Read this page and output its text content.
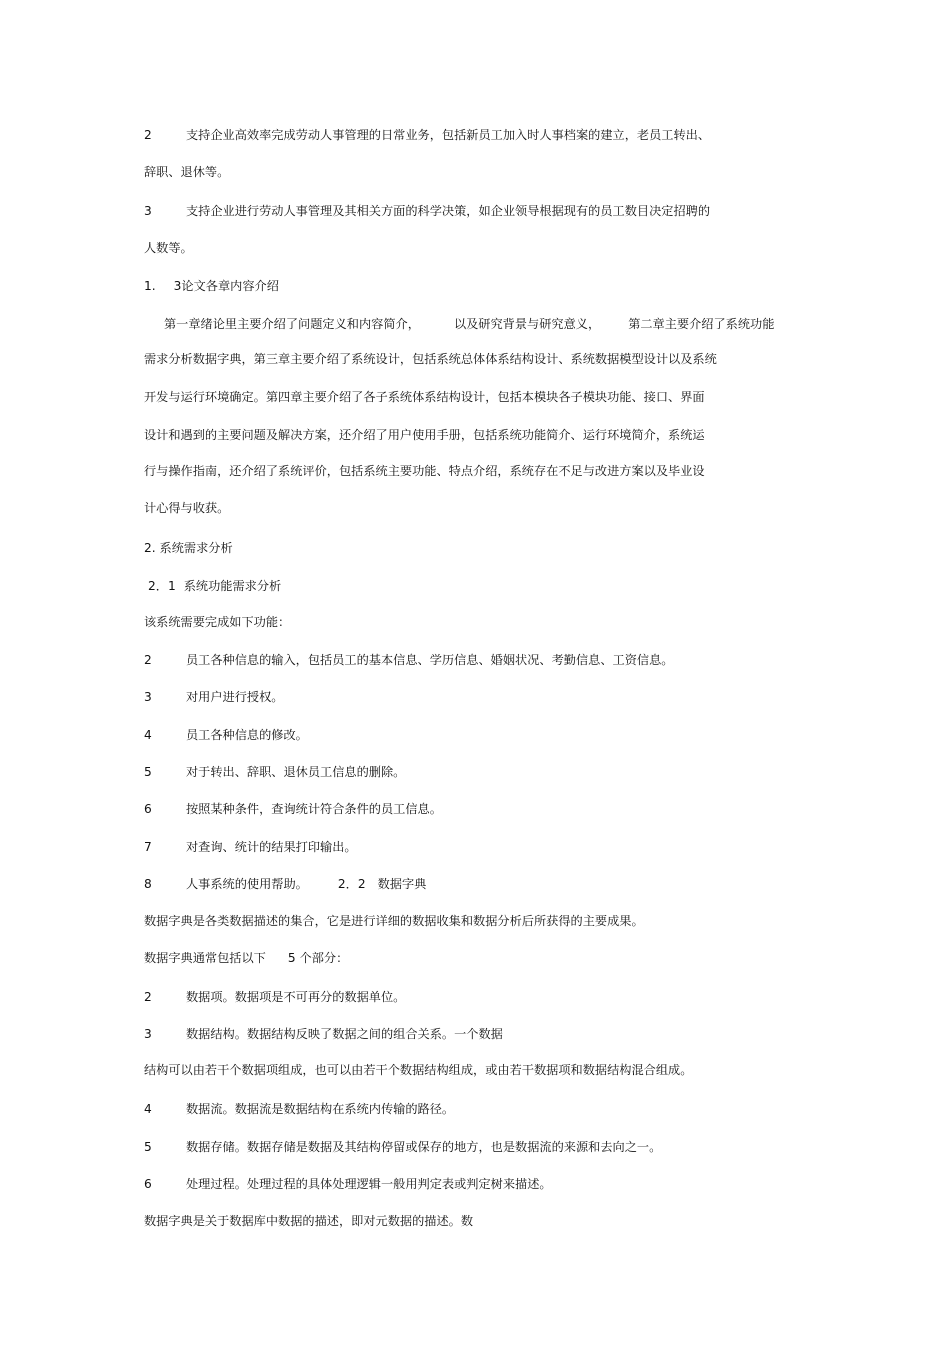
2	支持企业高效率完成劳动人事管理的日常业务，包括新员工加入时人事档案的建立，老员工转出、
辞职、退休等。
3	支持企业进行劳动人事管理及其相关方面的科学决策，如企业领导根据现有的员工数目决定招聘的
人数等。
1. 3论文各章内容介绍
第一章绪论里主要介绍了问题定义和内容简介，	以及研究背景与研究意义， 第二章主要介绍了系统功能
需求分析数据字典，第三章主要介绍了系统设计，包括系统总体体系结构设计、系统数据模型设计以及系统
开发与运行环境确定。第四章主要介绍了各子系统体系结构设计，包括本模块各子模块功能、接口、界面
设计和遇到的主要问题及解决方案，还介绍了用户使用手册，包括系统功能简介、运行环境简介，系统运
行与操作指南，还介绍了系统评价，包括系统主要功能、特点介绍，系统存在不足与改进方案以及毕业设
计心得与收获。
2. 系统需求分析
2．1 系统功能需求分析
该系统需要完成如下功能：
2	员工各种信息的输入，包括员工的基本信息、学历信息、婚姻状况、考勤信息、工资信息。
3	对用户进行授权。
4	员工各种信息的修改。
5	对于转出、辞职、退休员工信息的删除。
6	按照某种条件，查询统计符合条件的员工信息。
7	对查询、统计的结果打印输出。
8	人事系统的使用帮助。 2．2 数据字典
数据字典是各类数据描述的集合，它是进行详细的数据收集和数据分析后所获得的主要成果。
数据字典通常包括以下 5 个部分：
2	数据项。数据项是不可再分的数据单位。
3	数据结构。数据结构反映了数据之间的组合关系。一个数据
结构可以由若干个数据项组成，也可以由若干个数据结构组成，或由若干数据项和数据结构混合组成。
4	数据流。数据流是数据结构在系统内传输的路径。
5	数据存储。数据存储是数据及其结构停留或保存的地方，也是数据流的来源和去向之一。
6	处理过程。处理过程的具体处理逻辑一般用判定表或判定树来描述。
数据字典是关于数据库中数据的描述，即对元数据的描述。数
